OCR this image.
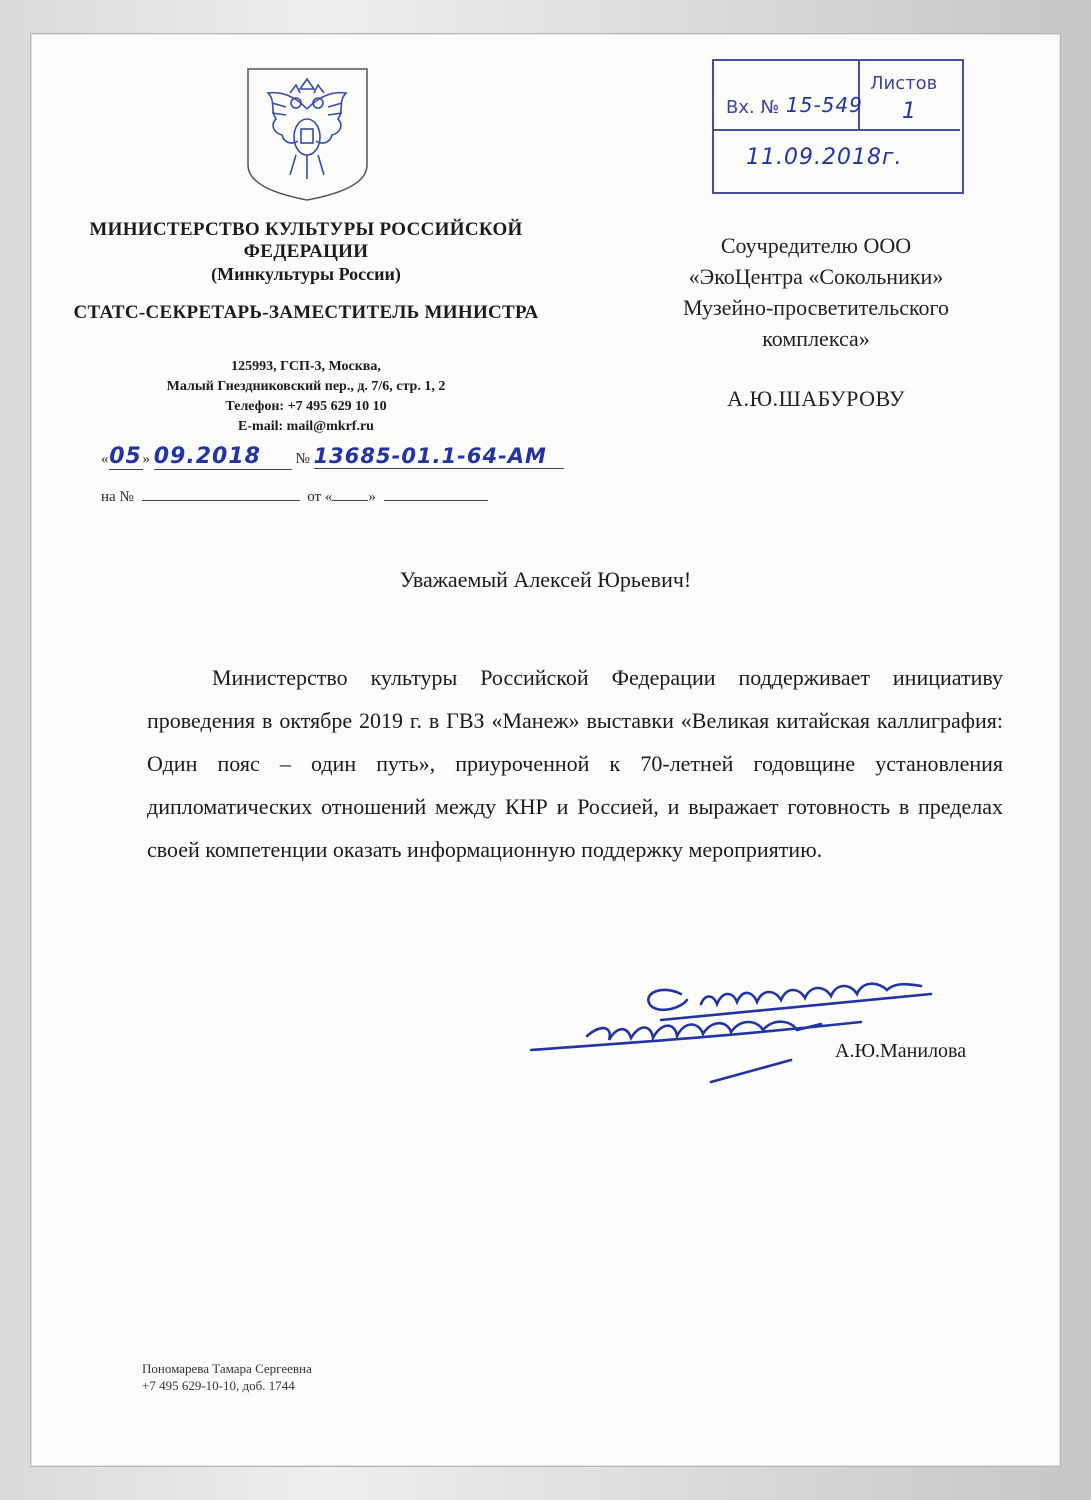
МИНИСТЕРСТВО КУЛЬТУРЫ РОССИЙСКОЙ ФЕДЕРАЦИИ
(Минкультуры России)
СТАТС-СЕКРЕТАРЬ-ЗАМЕСТИТЕЛЬ МИНИСТРА
125993, ГСП-3, Москва,
Малый Гнездниковский пер., д. 7/6, стр. 1, 2
Телефон: +7 495 629 10 10
E-mail: mail@mkrf.ru
«05» 09.2018 № 13685-01.1-64-АМ
на №	от « »
Вх. № 15-549
Листов
1
11.09.2018г.
Соучредителю ООО
«ЭкоЦентра «Сокольники»
Музейно-просветительского
комплекса»
А.Ю.ШАБУРОВУ
Уважаемый Алексей Юрьевич!
Министерство культуры Российской Федерации поддерживает инициативу проведения в октябре 2019 г. в ГВЗ «Манеж» выставки «Великая китайская каллиграфия: Один пояс – один путь», приуроченной к 70-летней годовщине установления дипломатических отношений между КНР и Россией, и выражает готовность в пределах своей компетенции оказать информационную поддержку мероприятию.
А.Ю.Манилова
Пономарева Тамара Сергеевна
+7 495 629-10-10, доб. 1744
